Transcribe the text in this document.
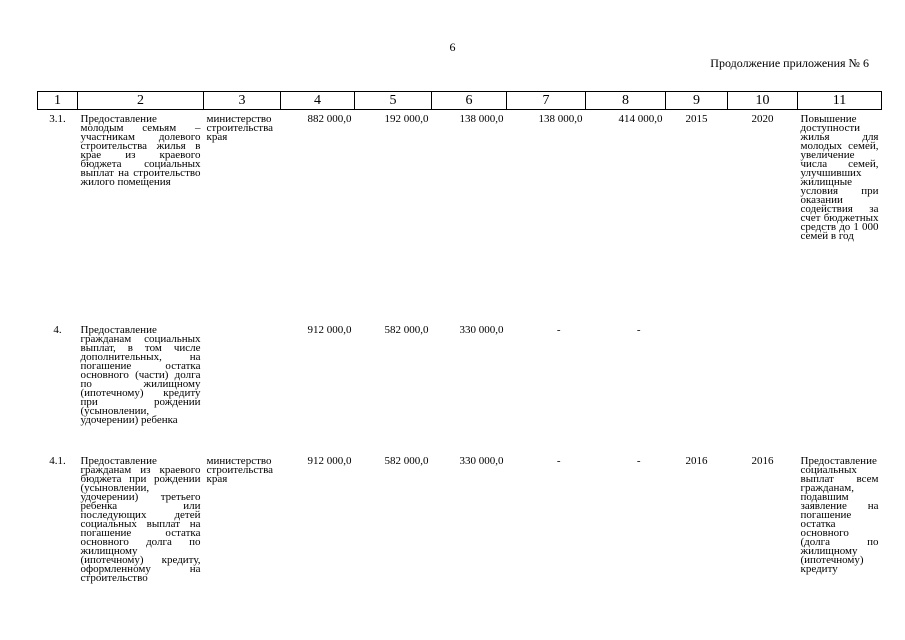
6
Продолжение приложения № 6
1	2	3	4	5	6	7	8	9	10	11
3.1.	Предоставление молодым семьям – участникам долевого строительства жилья в крае из краевого бюджета социальных выплат на строительство жилого помещения	министерство строительства края	882 000,0	192 000,0	138 000,0	138 000,0	414 000,0	2015	2020	Повышение доступности жилья для молодых семей, увеличение числа семей, улучшивших жилищные условия при оказании содействия за счет бюджетных средств до 1 000 семей в год
4.	Предоставление гражданам социальных выплат, в том числе дополнительных, на погашение остатка основного (части) долга по жилищному (ипотечному) кредиту при рождении (усыновлении, удочерении) ребенка		912 000,0	582 000,0	330 000,0	-	-			
4.1.	Предоставление гражданам из краевого бюджета при рождении (усыновлении, удочерении) третьего ребенка или последующих детей социальных выплат на погашение остатка основного долга по жилищному (ипотечному) кредиту, оформленному на строительство	министерство строительства края	912 000,0	582 000,0	330 000,0	-	-	2016	2016	Предоставление социальных выплат всем гражданам, подавшим заявление на погашение остатка основного (долга по жилищному (ипотечному) кредиту
